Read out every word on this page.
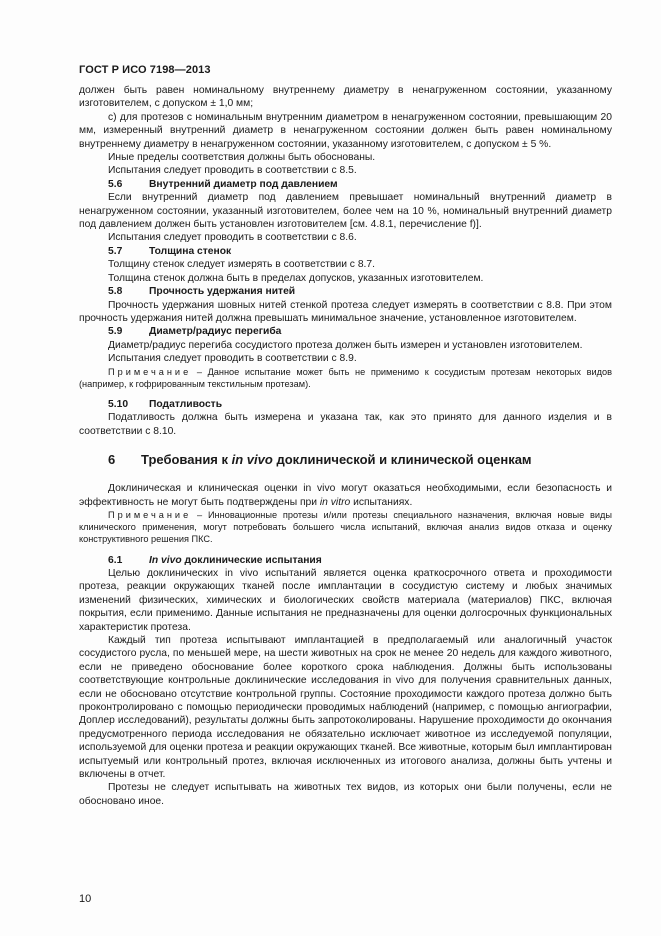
ГОСТ Р ИСО 7198—2013

должен быть равен номинальному внутреннему диаметру в ненагруженном состоянии, указанному изготовителем, с допуском ± 1,0 мм;

с) для протезов с номинальным внутренним диаметром в ненагруженном состоянии, превышающим 20 мм, измеренный внутренний диаметр в ненагруженном состоянии должен быть равен номинальному внутреннему диаметру в ненагруженном состоянии, указанному изготовителем, с допуском ± 5 %.

Иные пределы соответствия должны быть обоснованы.

Испытания следует проводить в соответствии с 8.5.

5.6	Внутренний диаметр под давлением

Если внутренний диаметр под давлением превышает номинальный внутренний диаметр в ненагруженном состоянии, указанный изготовителем, более чем на 10 %, номинальный внутренний диаметр под давлением должен быть установлен изготовителем [см. 4.8.1, перечисление f)].

Испытания следует проводить в соответствии с 8.6.

5.7	Толщина стенок

Толщину стенок следует измерять в соответствии с 8.7.

Толщина стенок должна быть в пределах допусков, указанных изготовителем.

5.8	Прочность удержания нитей

Прочность удержания шовных нитей стенкой протеза следует измерять в соответствии с 8.8. При этом прочность удержания нитей должна превышать минимальное значение, установленное изготовителем.

5.9	Диаметр/радиус перегиба

Диаметр/радиус перегиба сосудистого протеза должен быть измерен и установлен изготовителем.

Испытания следует проводить в соответствии с 8.9.

Примечание – Данное испытание может быть не применимо к сосудистым протезам некоторых видов (например, к гофрированным текстильным протезам).

5.10 Податливость

Податливость должна быть измерена и указана так, как это принято для данного изделия и в соответствии с 8.10.

6 Требования к in vivo доклинической и клинической оценкам

Доклиническая и клиническая оценки in vivo могут оказаться необходимыми, если безопасность и эффективность не могут быть подтверждены при in vitro испытаниях.

Примечание – Инновационные протезы и/или протезы специального назначения, включая новые виды клинического применения, могут потребовать большего числа испытаний, включая анализ видов отказа и оценку конструктивного решения ПКС.

6.1	In vivo доклинические испытания

Целью доклинических in vivo испытаний является оценка краткосрочного ответа и проходимости протеза, реакции окружающих тканей после имплантации в сосудистую систему и любых значимых изменений физических, химических и биологических свойств материала (материалов) ПКС, включая покрытия, если применимо. Данные испытания не предназначены для оценки долгосрочных функциональных характеристик протеза.

Каждый тип протеза испытывают имплантацией в предполагаемый или аналогичный участок сосудистого русла, по меньшей мере, на шести животных на срок не менее 20 недель для каждого животного, если не приведено обоснование более короткого срока наблюдения. Должны быть использованы соответствующие контрольные доклинические исследования in vivo для получения сравнительных данных, если не обосновано отсутствие контрольной группы. Состояние проходимости каждого протеза должно быть проконтролировано с помощью периодически проводимых наблюдений (например, с помощью ангиографии, Доплер исследований), результаты должны быть запротоколированы. Нарушение проходимости до окончания предусмотренного периода исследования не обязательно исключает животное из исследуемой популяции, используемой для оценки протеза и реакции окружающих тканей. Все животные, которым был имплантирован испытуемый или контрольный протез, включая исключенных из итогового анализа, должны быть учтены и включены в отчет.

Протезы не следует испытывать на животных тех видов, из которых они были получены, если не обосновано иное.

10
